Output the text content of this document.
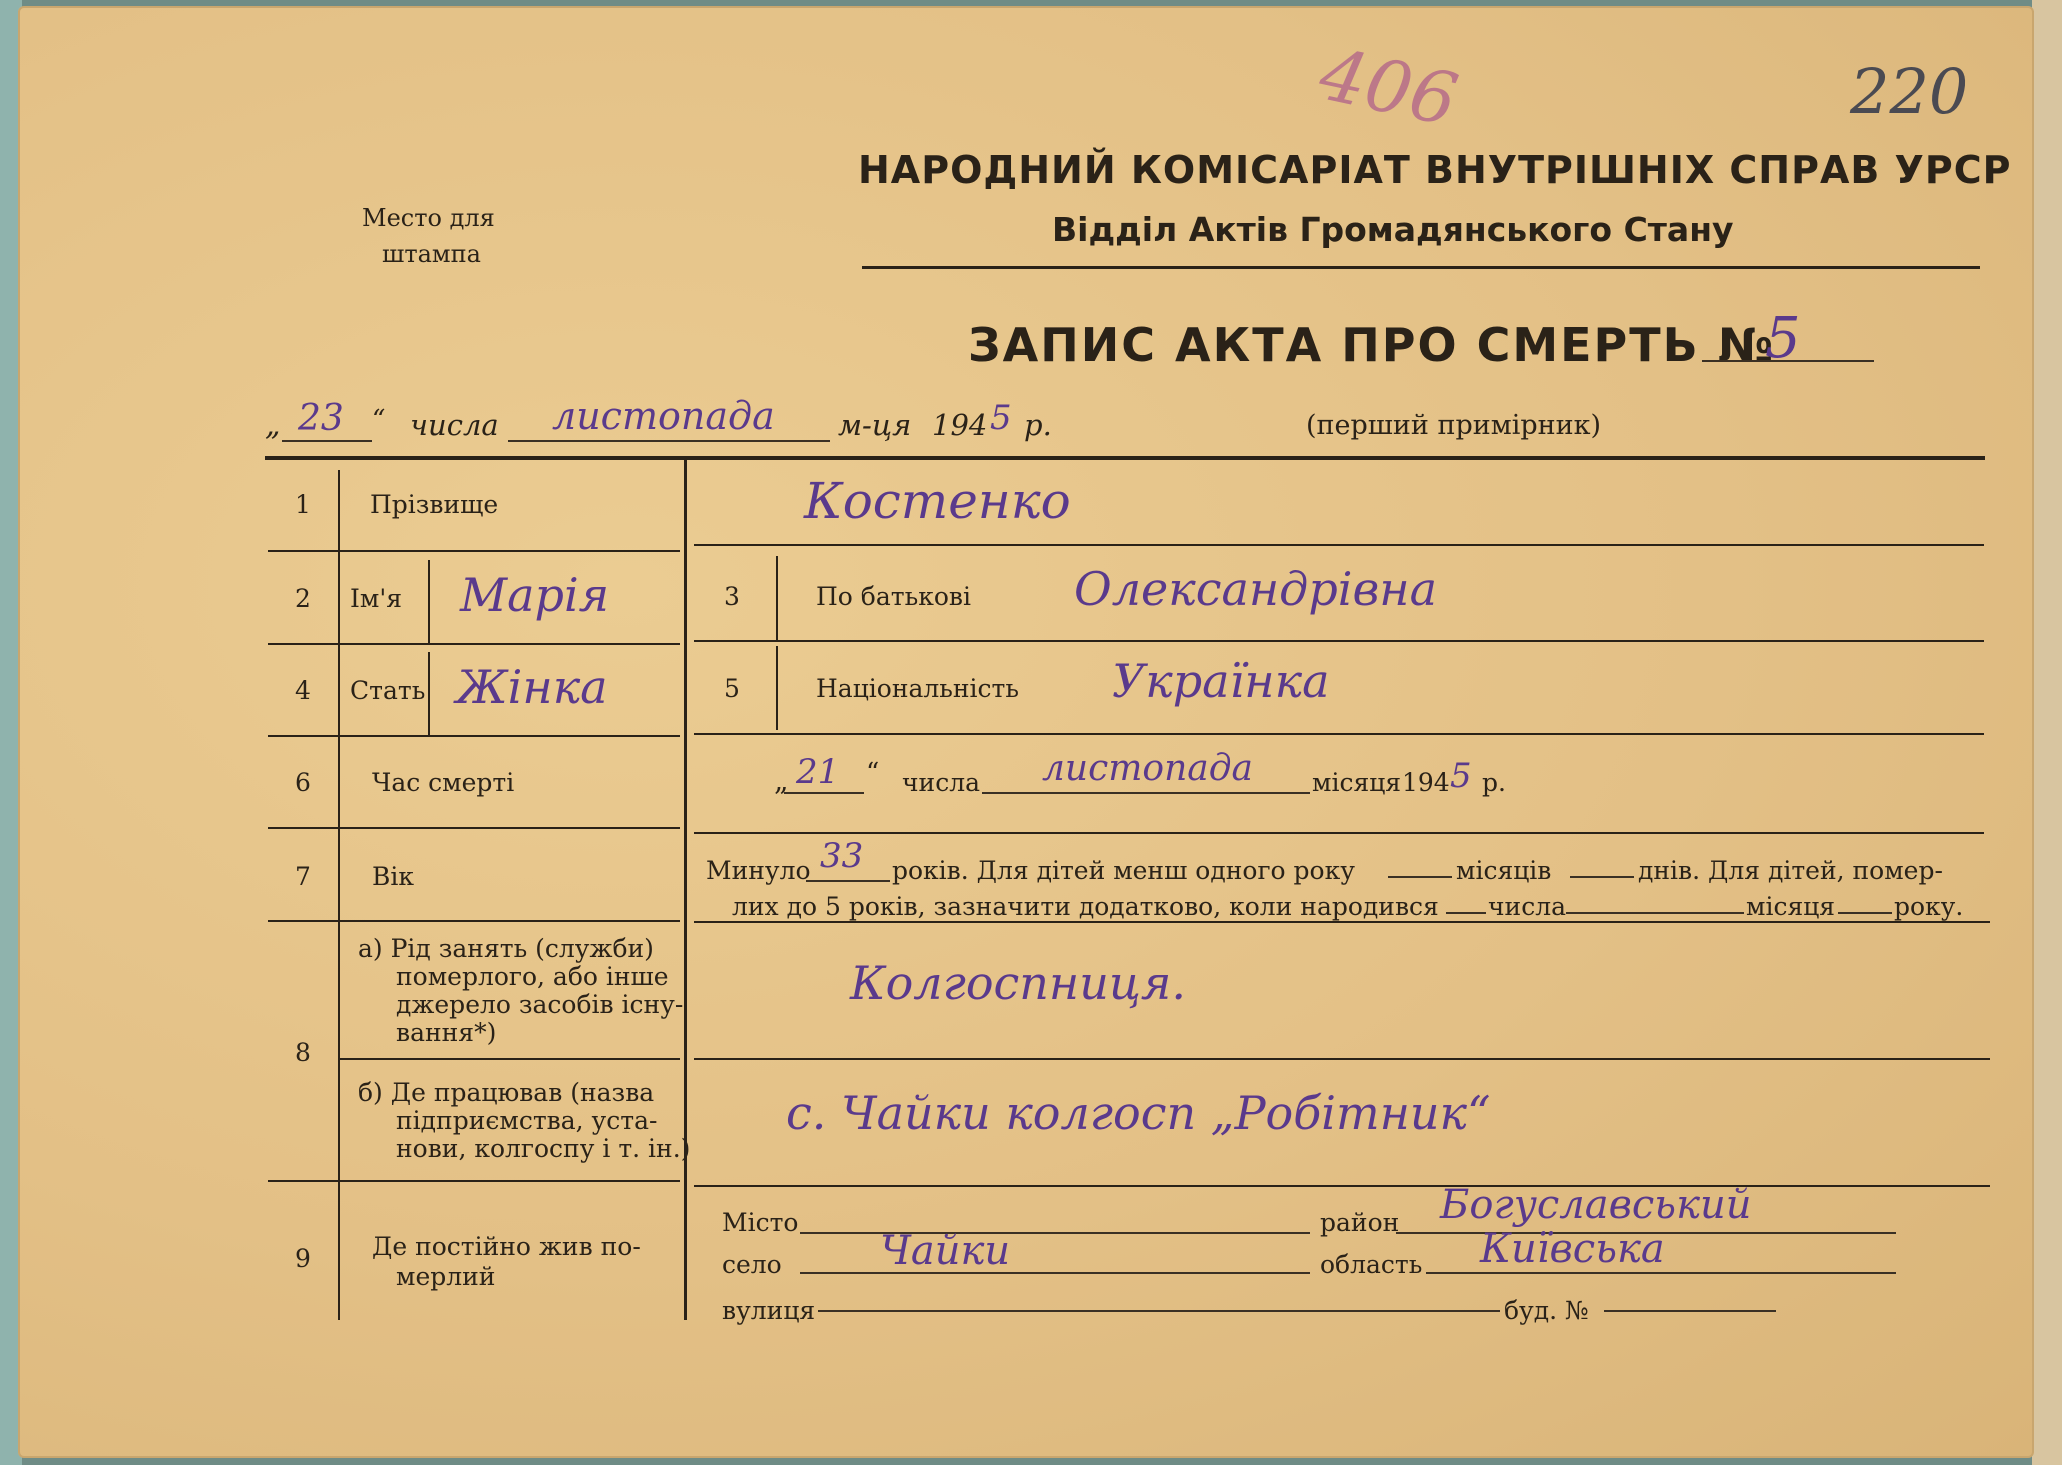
406	220
Место для
штампа
НАРОДНИЙ КОМІСАРІАТ ВНУТРІШНІХ СПРАВ УРСР
Відділ Актів Громадянського Стану
ЗАПИС АКТА ПРО СМЕРТЬ №
5
„ 23 “ числа листопада м-ця 194 5 р.	(перший примірник)
1 Прізвище	Костенко
2 Ім'я Марія	3	По батькові Олександрівна
4 Стать Жінка	5	Національність Українка
6 Час смерті	„ 21 “ числа листопада місяця 194 5 р.
7 Вік	Минуло 33 років. Для дітей менш одного року	місяців	днів. Для дітей, помер-
лих до 5 років, зазначити додатково, коли народився числа	місяця року.
8
а) Рід занять (служби)
померлого, або інше
джерело засобів існу-
вання*)
Колгоспниця.
б) Де працював (назва
підприємства, уста-
нови, колгоспу і т. ін.)
с. Чайки колгосп „Робітник“
9 Де постійно жив по-
мерлий
Місто	район Богуславський
село Чайки	область Київська
вулиця	буд. №
